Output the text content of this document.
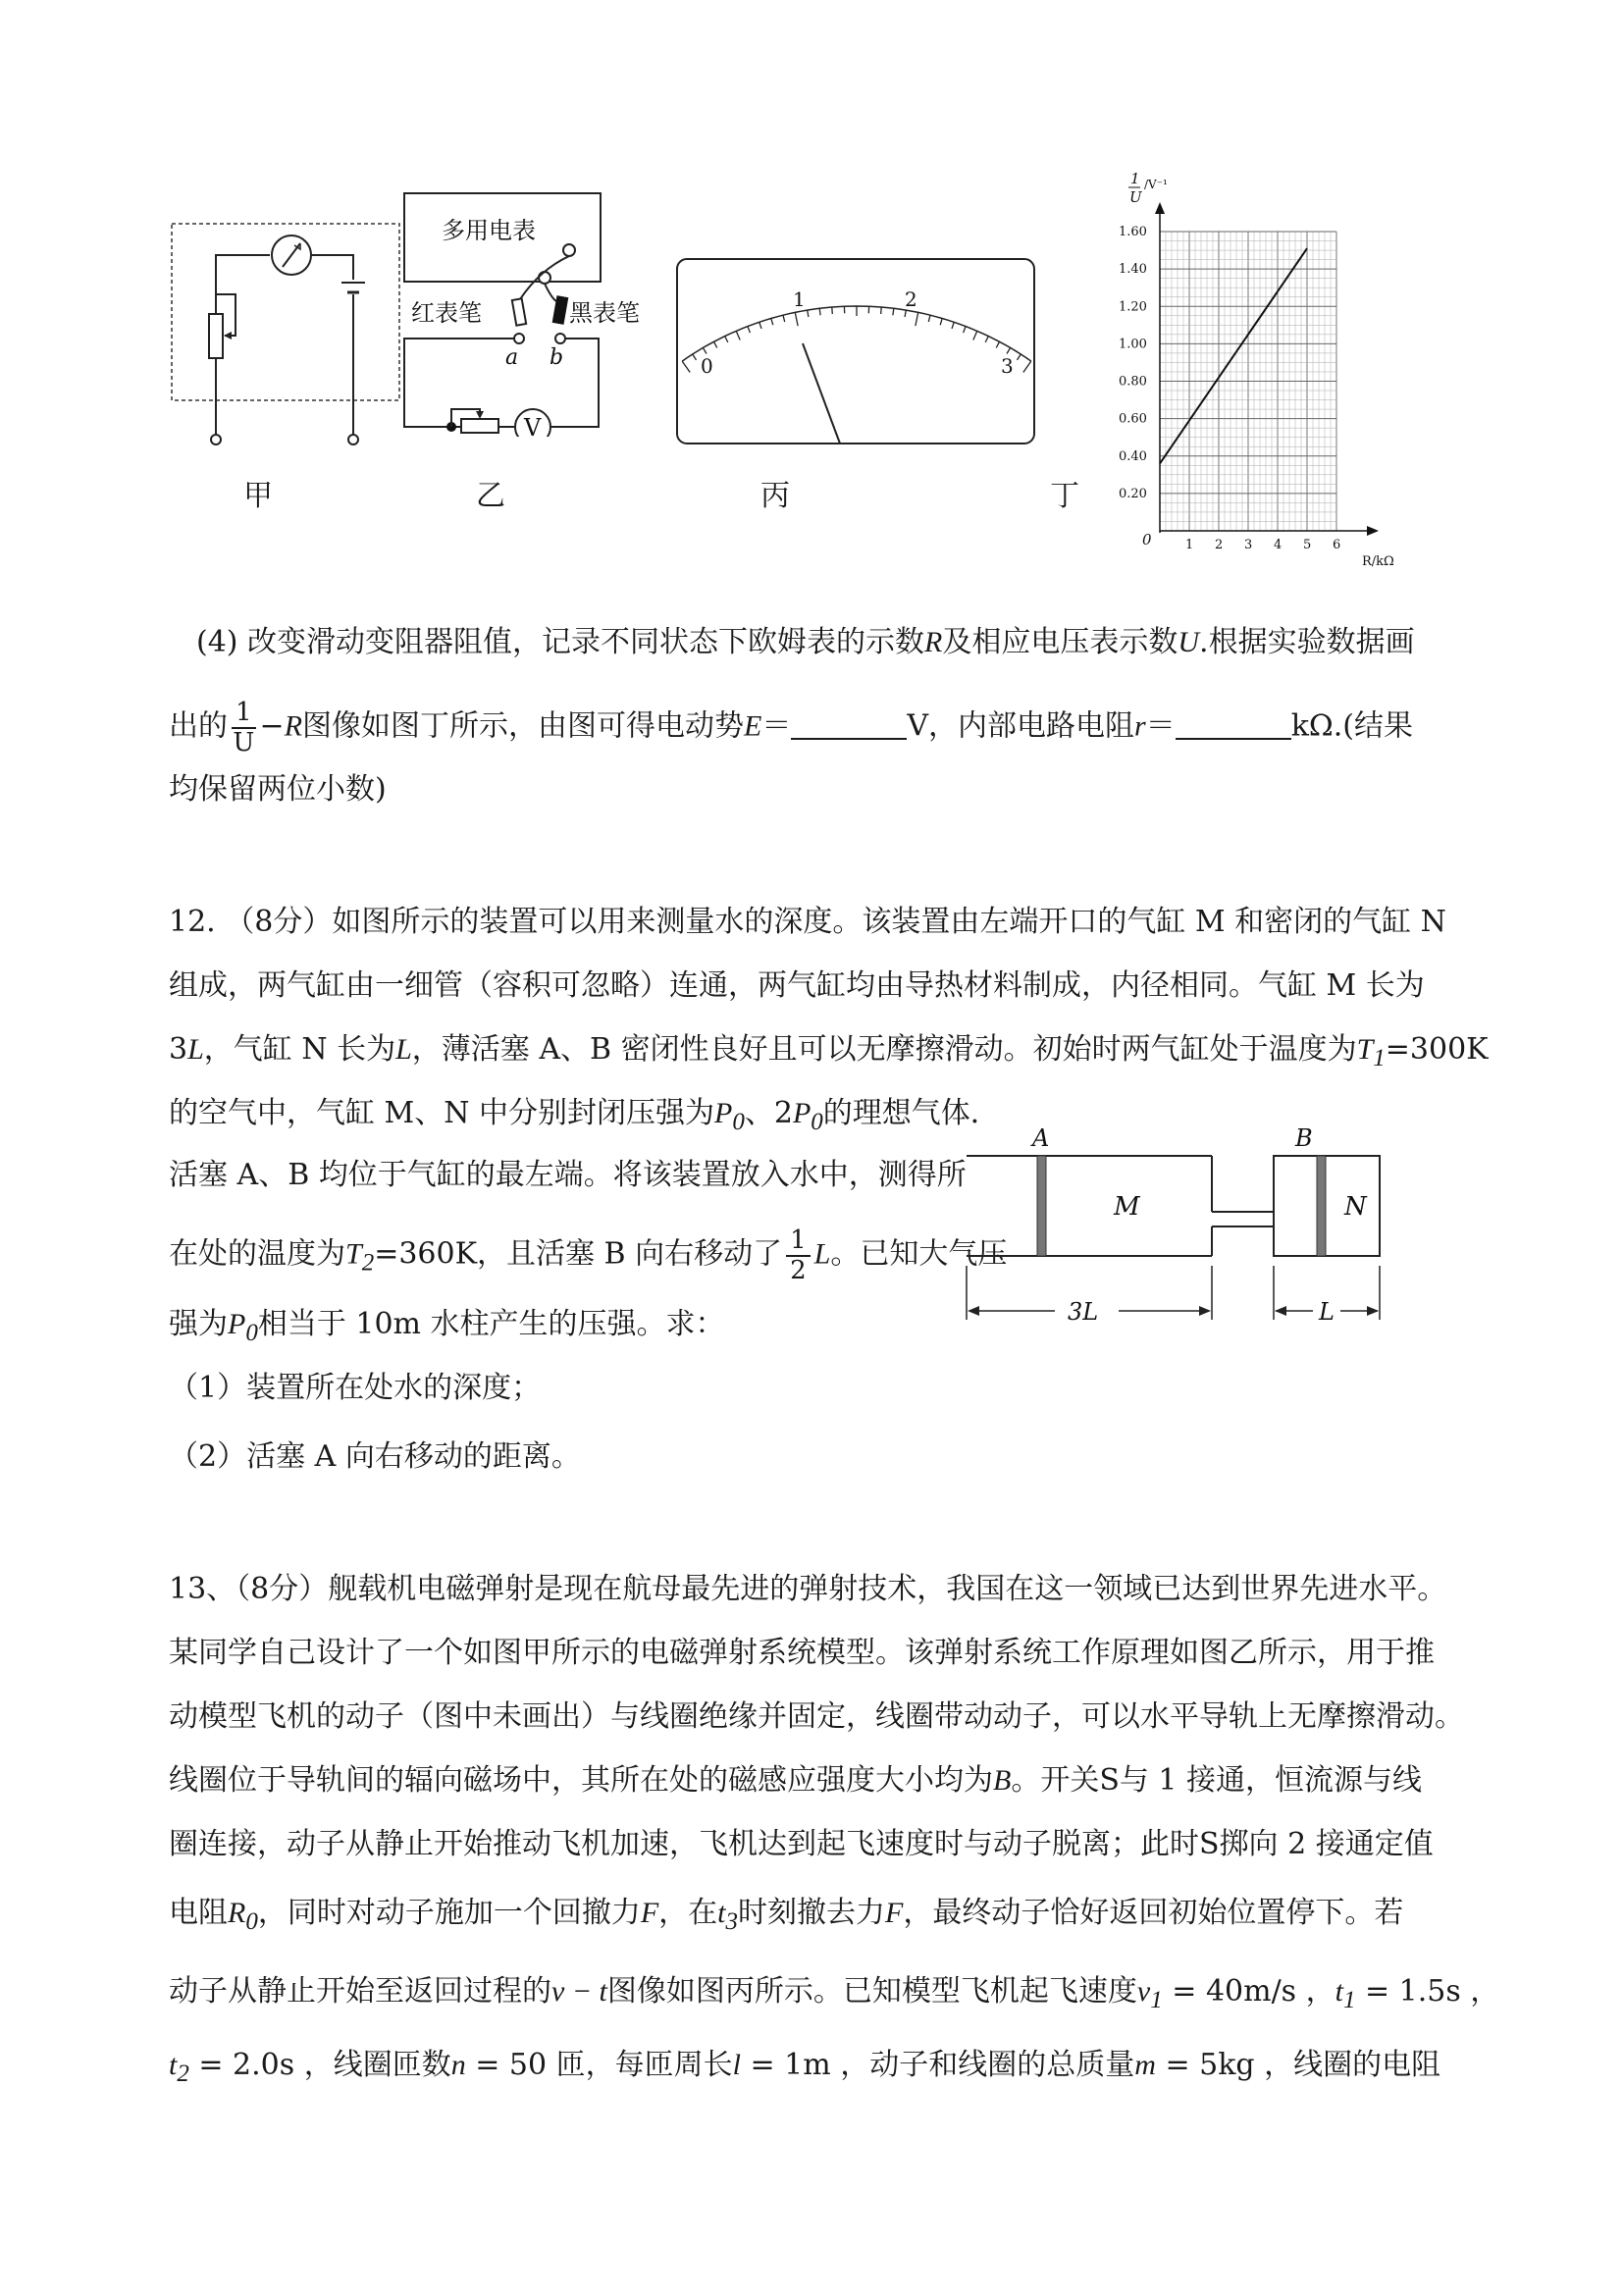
多用电表
红表笔	黑表笔
a b
V
0
1	2
3
1
U
/V⁻¹
1.60
1.40
1.20
1.00
0.80
0.60
0.40
0.20
1 2 3 4 5 6
0
R/kΩ
甲	乙	丙	丁
(4) 改变滑动变阻器阻值，记录不同状态下欧姆表的示数R及相应电压表示数U.根据实验数据画
出的 $\frac{1}{U} -R$图像如图丁所示，由图可得电动势E＝	V，内部电路电阻r＝	kΩ.(结果
均保留两位小数)
12. （8分）如图所示的装置可以用来测量水的深度。该装置由左端开口的气缸 M 和密闭的气缸 N
组成，两气缸由一细管（容积可忽略）连通，两气缸均由导热材料制成，内径相同。气缸 M 长为
3L，气缸 N 长为L，薄活塞 A、B 密闭性良好且可以无摩擦滑动。初始时两气缸处于温度为$T_1=300K$
的空气中，气缸 M、N 中分别封闭压强为$P_0$、$2P_0$的理想气体．
活塞 A、B 均位于气缸的最左端。将该装置放入水中，测得所
在处的温度为$T_2=360K$，且活塞 B 向右移动了 $\frac{1}{2}$ L。已知大气压
强为$P_0$相当于 10m 水柱产生的压强。求：
（1）装置所在处水的深度；
（2）活塞 A 向右移动的距离。
A	B
M	N
3L	L
13、（8分）舰载机电磁弹射是现在航母最先进的弹射技术，我国在这一领域已达到世界先进水平。
某同学自己设计了一个如图甲所示的电磁弹射系统模型。该弹射系统工作原理如图乙所示，用于推
动模型飞机的动子（图中未画出）与线圈绝缘并固定，线圈带动动子，可以水平导轨上无摩擦滑动。
线圈位于导轨间的辐向磁场中，其所在处的磁感应强度大小均为B。开关S与 1 接通，恒流源与线
圈连接，动子从静止开始推动飞机加速，飞机达到起飞速度时与动子脱离；此时S掷向 2 接通定值
电阻$R_0$，同时对动子施加一个回撤力F，在$t_3$时刻撤去力F，最终动子恰好返回初始位置停下。若
动子从静止开始至返回过程的v − t图像如图丙所示。已知模型飞机起飞速度$v_1 = 40m/s$ ，$t_1 = 1.5s$ ，
$t_2 = 2.0s$ ，线圈匝数n = 50 匝，每匝周长l = 1m ，动子和线圈的总质量m = 5kg ，线圈的电阻
